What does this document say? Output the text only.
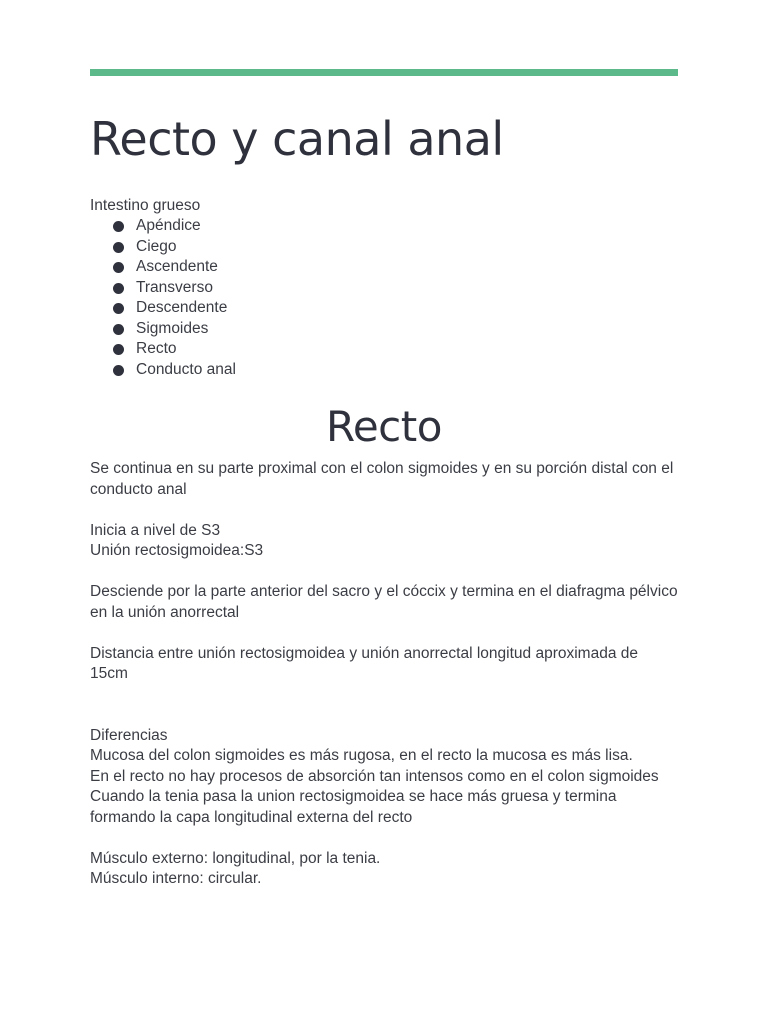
Recto y canal anal
Intestino grueso
Apéndice
Ciego
Ascendente
Transverso
Descendente
Sigmoides
Recto
Conducto anal
Recto

Se continua en su parte proximal con el colon sigmoides y en su porción distal con el conducto anal

Inicia a nivel de S3

Unión rectosigmoidea:S3

Desciende por la parte anterior del sacro y el cóccix y termina en el diafragma pélvico en la unión anorrectal

Distancia entre unión rectosigmoidea y unión anorrectal longitud aproximada de 15cm

Diferencias

Mucosa del colon sigmoides es más rugosa, en el recto la mucosa es más lisa.

En el recto no hay procesos de absorción tan intensos como en el colon sigmoides

Cuando la tenia pasa la union rectosigmoidea se hace más gruesa y termina formando la capa longitudinal externa del recto

Músculo externo: longitudinal, por la tenia.

Músculo interno: circular.
